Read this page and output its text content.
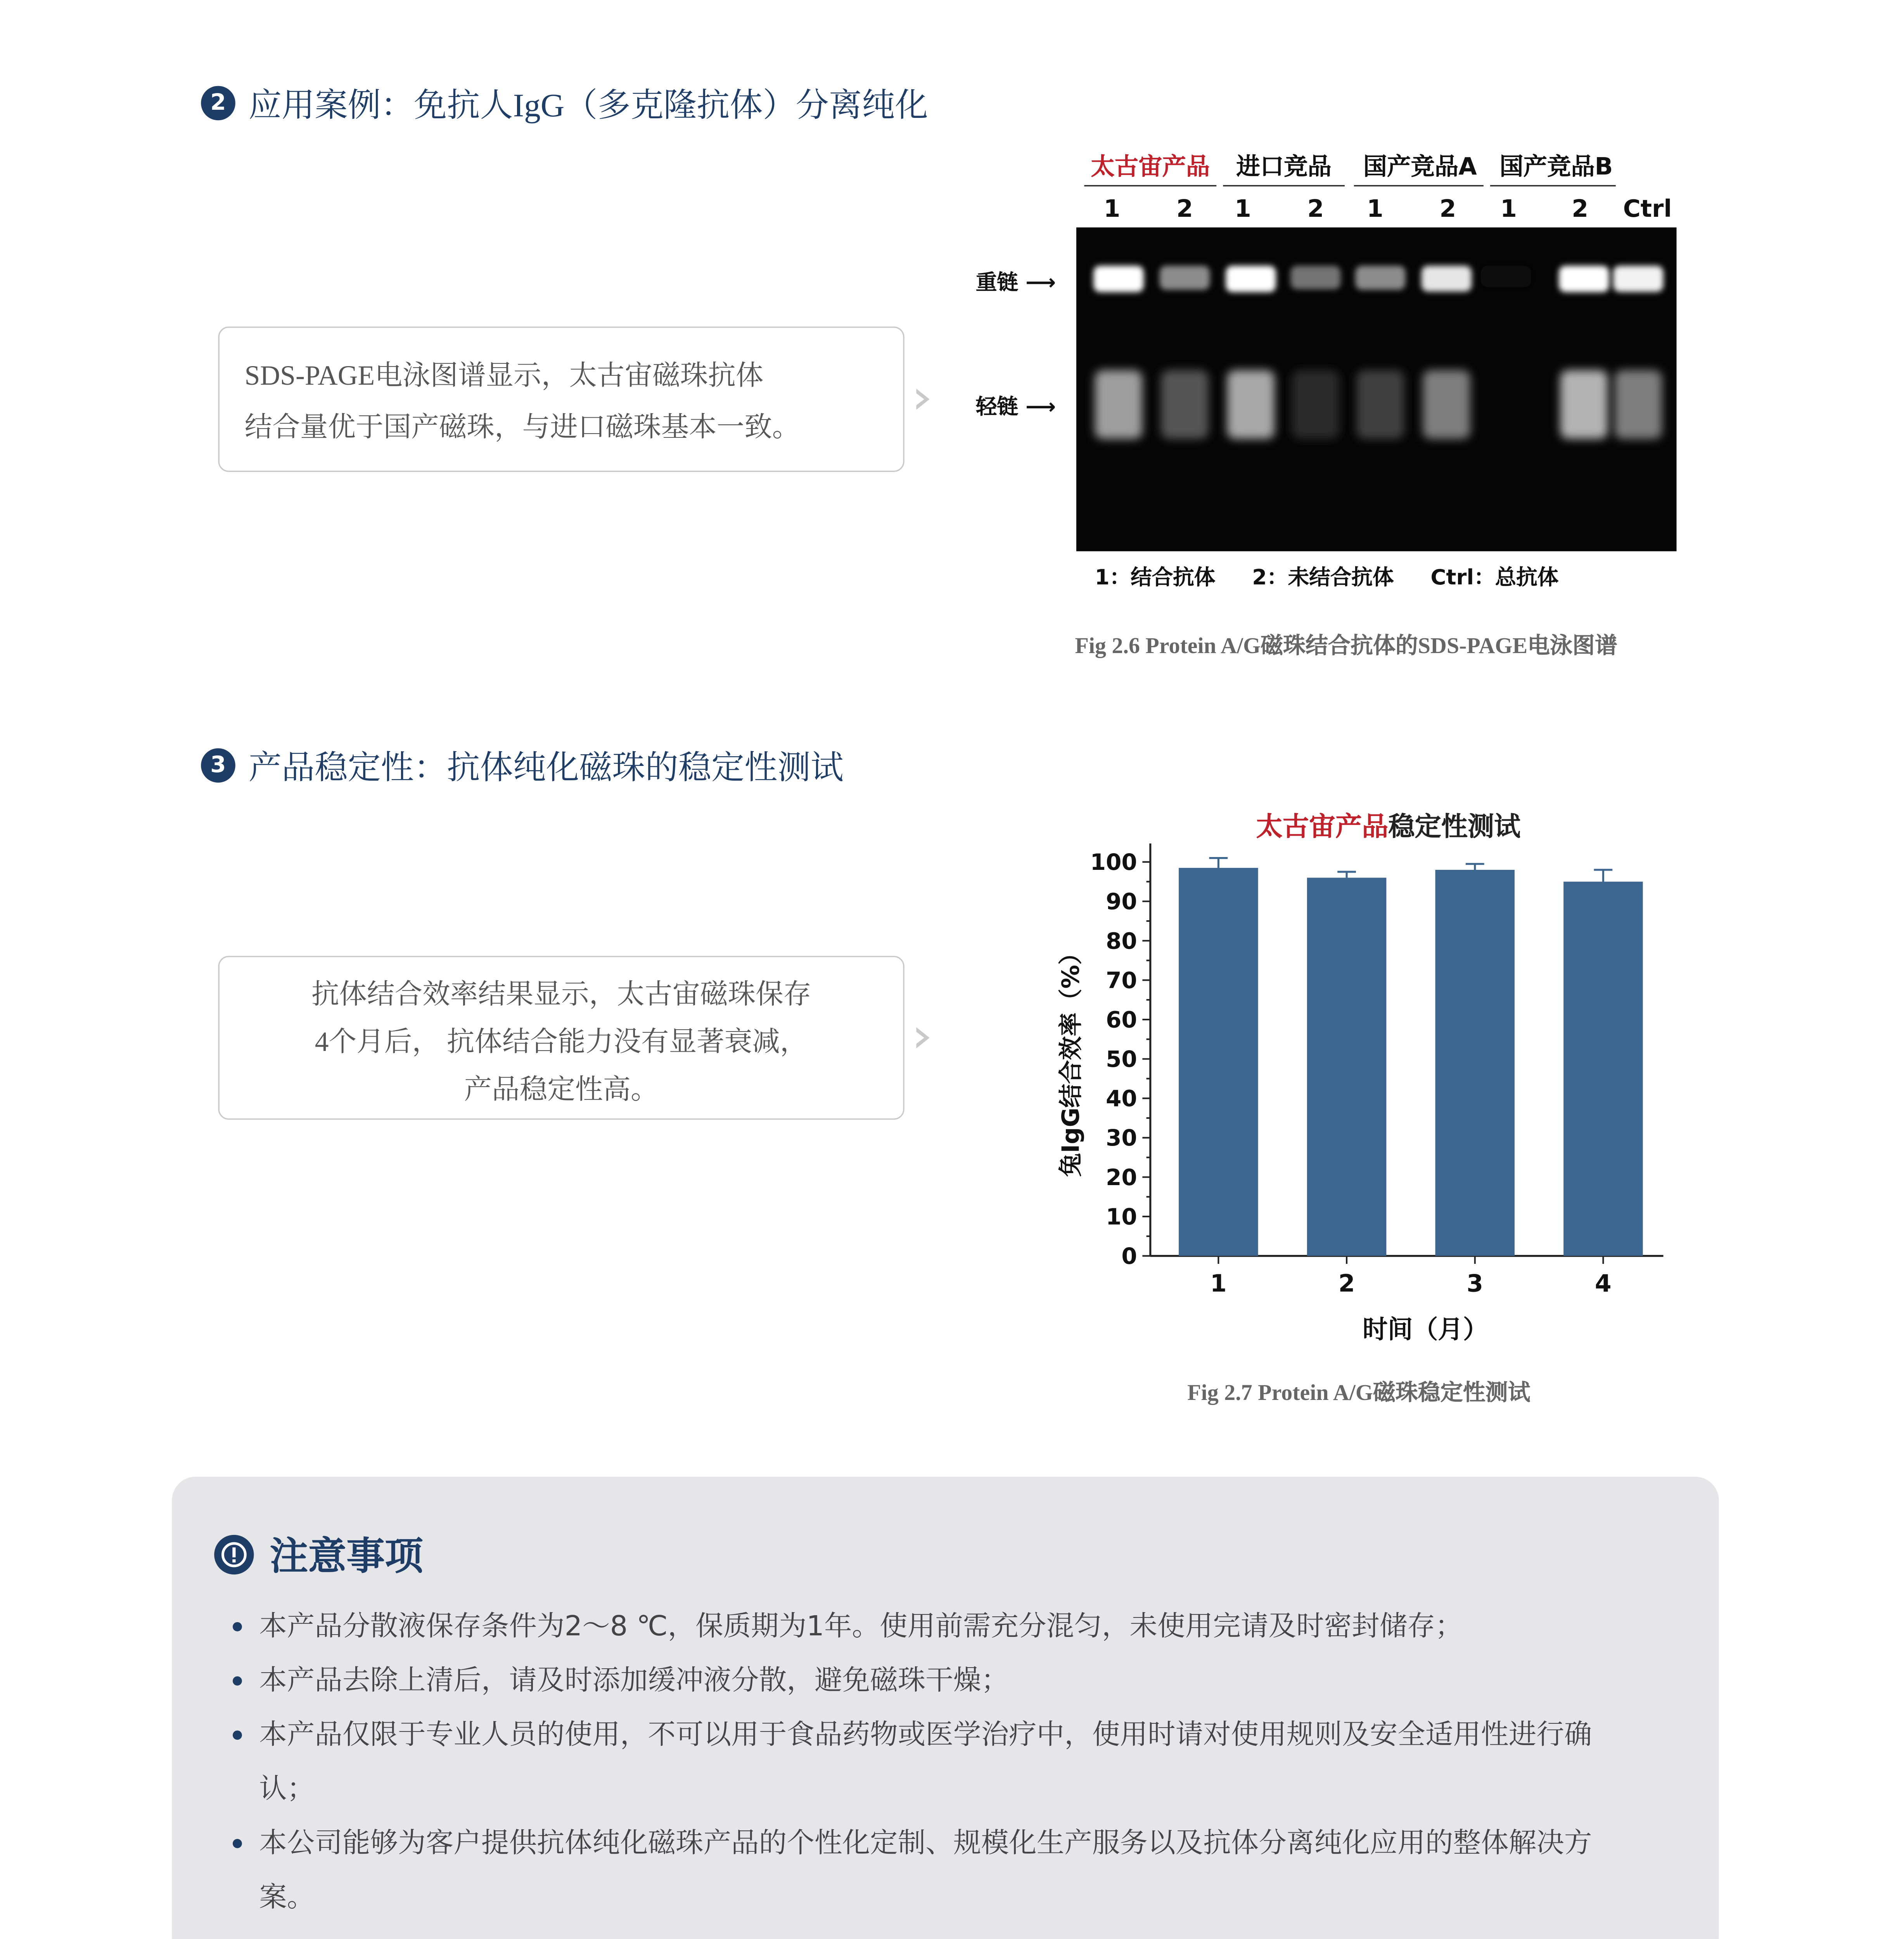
2	应用案例：免抗人IgG（多克隆抗体）分离纯化
SDS-PAGE电泳图谱显示，太古宙磁珠抗体
结合量优于国产磁珠，与进口磁珠基本一致。
太古宙产品	进口竞品	国产竞品A	国产竞品B
1	2	1	2	1	2	1	2	Ctrl
重链 ⟶
轻链 ⟶
1：结合抗体     2：未结合抗体     Ctrl：总抗体
Fig 2.6 Protein A/G磁珠结合抗体的SDS-PAGE电泳图谱
3	产品稳定性：抗体纯化磁珠的稳定性测试
抗体结合效率结果显示，太古宙磁珠保存
4个月后， 抗体结合能力没有显著衰减，
产品稳定性高。
太古宙产品稳定性测试
0
10
20
30
40
50
60
70
80
90
100
1	2	3	4
兔IgG结合效率（%）
时间（月）
Fig 2.7 Protein A/G磁珠稳定性测试
注意事项
本产品分散液保存条件为2～8 ℃，保质期为1年。使用前需充分混匀，未使用完请及时密封储存；
本产品去除上清后，请及时添加缓冲液分散，避免磁珠干燥；
本产品仅限于专业人员的使用，不可以用于食品药物或医学治疗中，使用时请对使用规则及安全适用性进行确认；
本公司能够为客户提供抗体纯化磁珠产品的个性化定制、规模化生产服务以及抗体分离纯化应用的整体解决方案。
